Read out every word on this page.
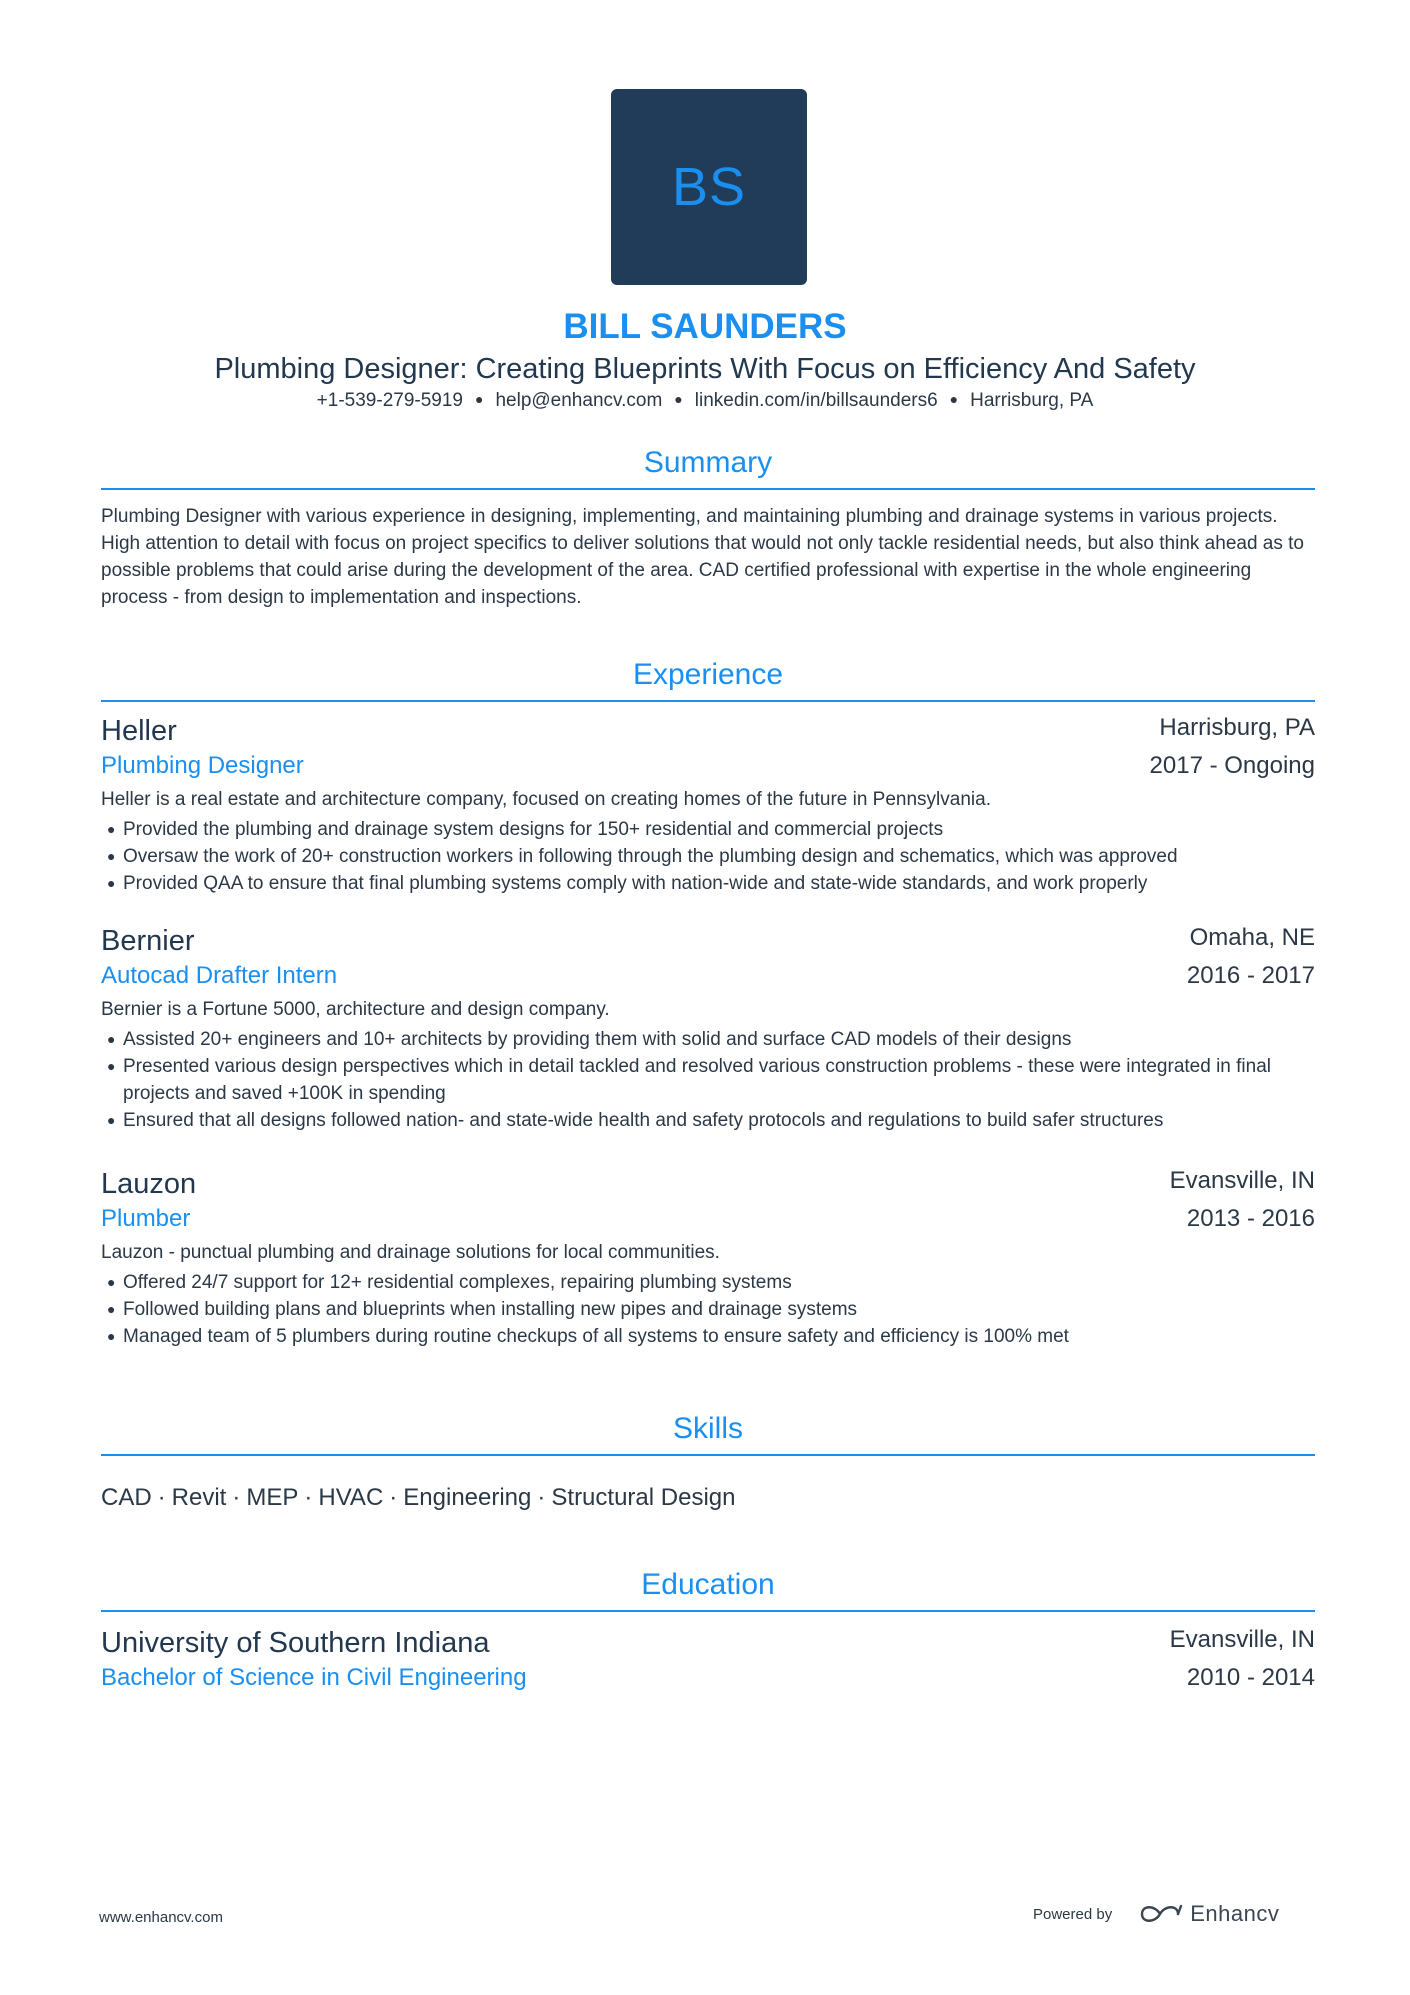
BS
BILL SAUNDERS
Plumbing Designer: Creating Blueprints With Focus on Efficiency And Safety
+1-539-279-5919 ● help@enhancv.com ● linkedin.com/in/billsaunders6 ● Harrisburg, PA
Summary
Plumbing Designer with various experience in designing, implementing, and maintaining plumbing and drainage systems in various projects. High attention to detail with focus on project specifics to deliver solutions that would not only tackle residential needs, but also think ahead as to possible problems that could arise during the development of the area. CAD certified professional with expertise in the whole engineering process - from design to implementation and inspections.
Experience
Heller	Harrisburg, PA
Plumbing Designer	2017 - Ongoing
Heller is a real estate and architecture company, focused on creating homes of the future in Pennsylvania.
● Provided the plumbing and drainage system designs for 150+ residential and commercial projects
● Oversaw the work of 20+ construction workers in following through the plumbing design and schematics, which was approved
● Provided QAA to ensure that final plumbing systems comply with nation-wide and state-wide standards, and work properly
Bernier	Omaha, NE
Autocad Drafter Intern	2016 - 2017
Bernier is a Fortune 5000, architecture and design company.
● Assisted 20+ engineers and 10+ architects by providing them with solid and surface CAD models of their designs
● Presented various design perspectives which in detail tackled and resolved various construction problems - these were integrated in final projects and saved +100K in spending
● Ensured that all designs followed nation- and state-wide health and safety protocols and regulations to build safer structures
Lauzon	Evansville, IN
Plumber	2013 - 2016
Lauzon - punctual plumbing and drainage solutions for local communities.
● Offered 24/7 support for 12+ residential complexes, repairing plumbing systems
● Followed building plans and blueprints when installing new pipes and drainage systems
● Managed team of 5 plumbers during routine checkups of all systems to ensure safety and efficiency is 100% met
Skills
CAD · Revit · MEP · HVAC · Engineering · Structural Design
Education
University of Southern Indiana	Evansville, IN
Bachelor of Science in Civil Engineering	2010 - 2014
www.enhancv.com	Powered by	Enhancv
